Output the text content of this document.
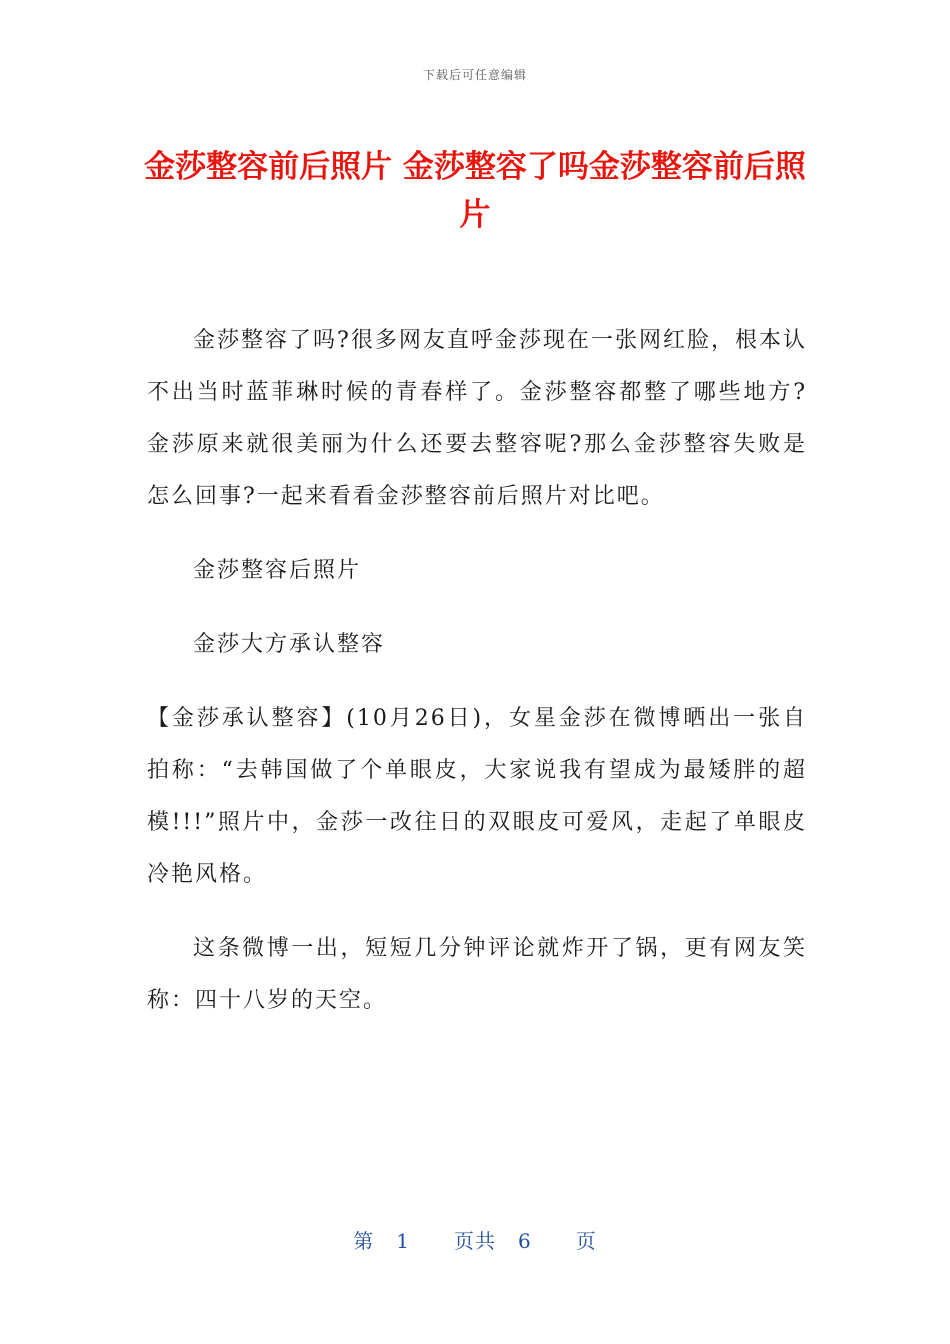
下载后可任意编辑
金莎整容前后照片 金莎整容了吗金莎整容前后照片

金莎整容了吗?很多网友直呼金莎现在一张网红脸，根本认不出当时蓝菲琳时候的青春样了。金莎整容都整了哪些地方?金莎原来就很美丽为什么还要去整容呢?那么金莎整容失败是怎么回事?一起来看看金莎整容前后照片对比吧。

金莎整容后照片

金莎大方承认整容

【金莎承认整容】(10月26日)，女星金莎在微博晒出一张自拍称：“去韩国做了个单眼皮，大家说我有望成为最矮胖的超模!!!”照片中，金莎一改往日的双眼皮可爱风，走起了单眼皮冷艳风格。

这条微博一出，短短几分钟评论就炸开了锅，更有网友笑称：四十八岁的天空。

第 1 页共 6 页
